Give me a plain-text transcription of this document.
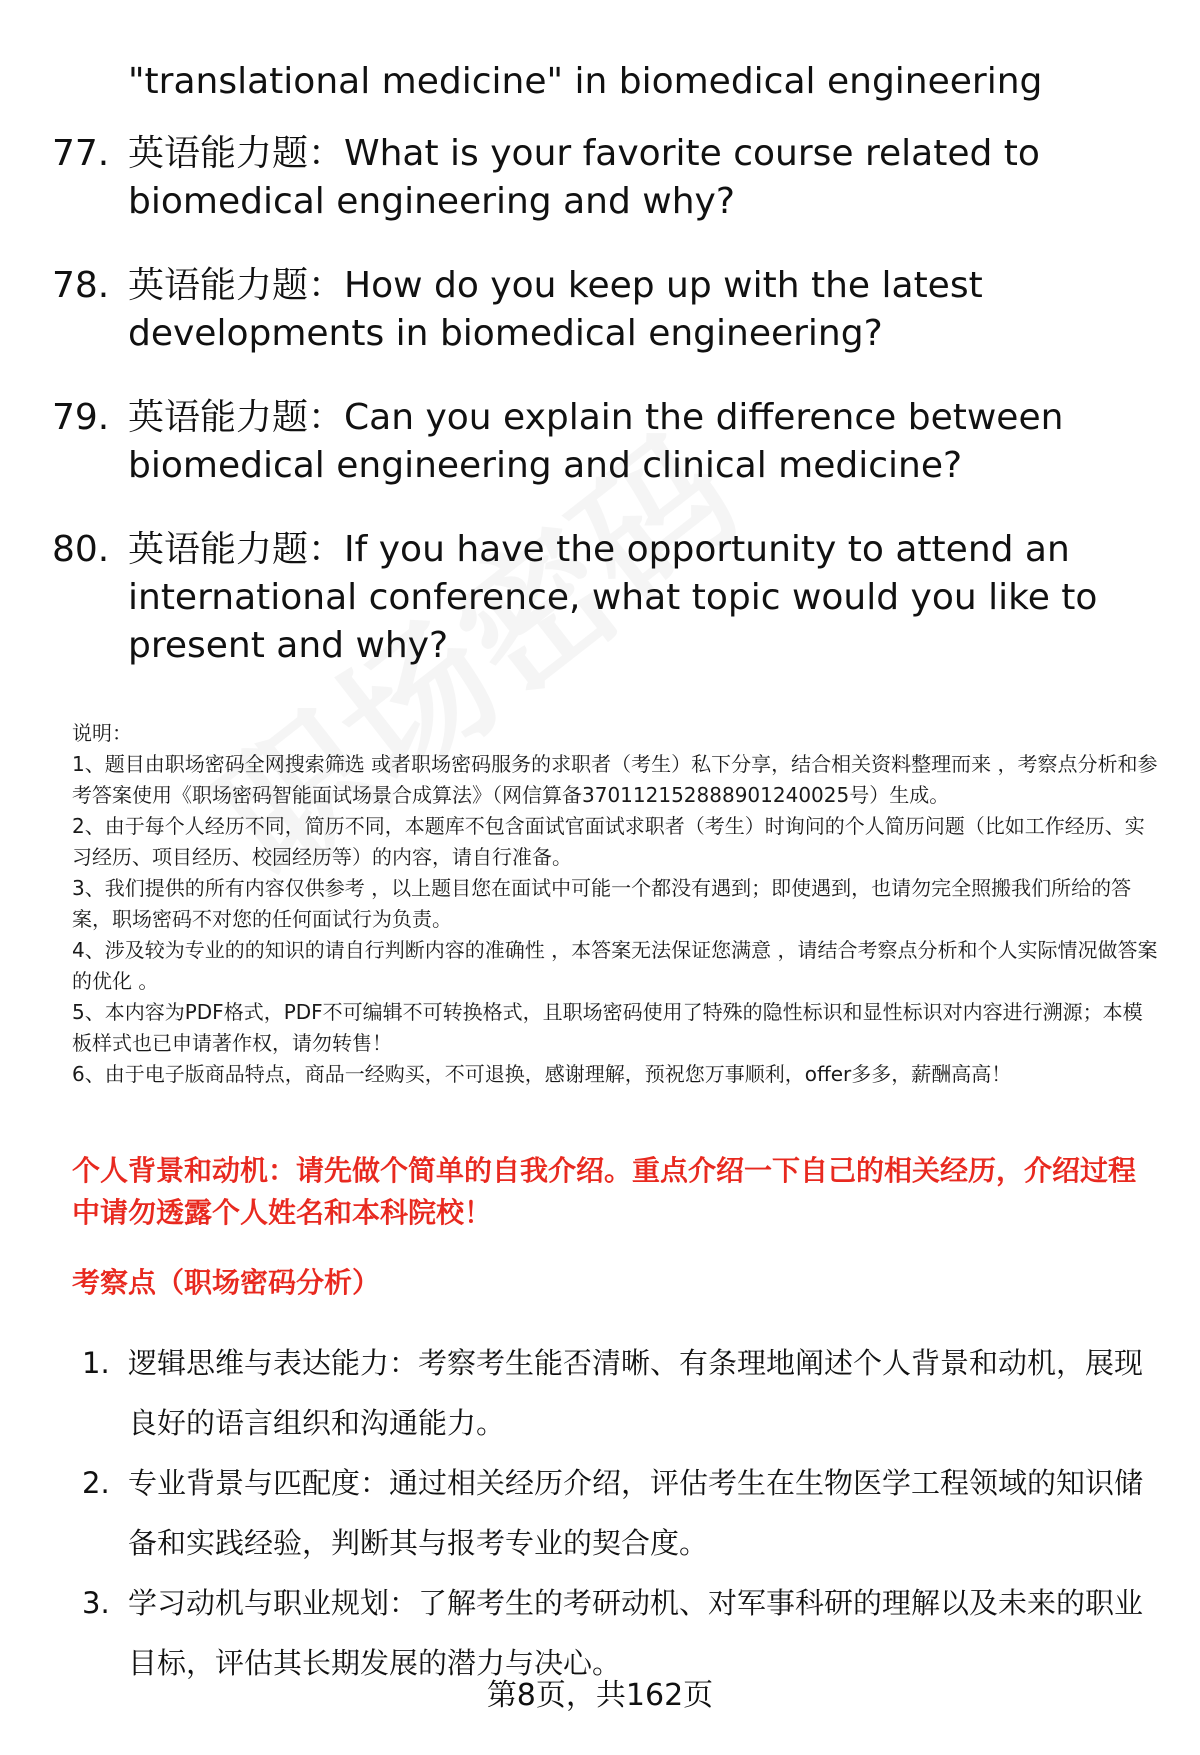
"translational medicine" in biomedical engineering
77. 英语能力题：What is your favorite course related to biomedical engineering and why?
78. 英语能力题：How do you keep up with the latest developments in biomedical engineering?
79. 英语能力题：Can you explain the difference between biomedical engineering and clinical medicine?
80. 英语能力题：If you have the opportunity to attend an international conference, what topic would you like to present and why?

说明：

1、题目由职场密码全网搜索筛选 或者职场密码服务的求职者（考生）私下分享，结合相关资料整理而来 ，考察点分析和参考答案使用《职场密码智能面试场景合成算法》（网信算备370112152888901240025号）生成。

2、由于每个人经历不同，简历不同，本题库不包含面试官面试求职者（考生）时询问的个人简历问题（比如工作经历、实习经历、项目经历、校园经历等）的内容，请自行准备。

3、我们提供的所有内容仅供参考 ，以上题目您在面试中可能一个都没有遇到；即使遇到，也请勿完全照搬我们所给的答案，职场密码不对您的任何面试行为负责。

4、涉及较为专业的的知识的请自行判断内容的准确性 ，本答案无法保证您满意 ，请结合考察点分析和个人实际情况做答案的优化 。

5、本内容为PDF格式，PDF不可编辑不可转换格式，且职场密码使用了特殊的隐性标识和显性标识对内容进行溯源；本模板样式也已申请著作权，请勿转售！

6、由于电子版商品特点，商品一经购买，不可退换，感谢理解，预祝您万事顺利，offer多多，薪酬高高！

个人背景和动机：请先做个简单的自我介绍。重点介绍一下自己的相关经历，介绍过程中请勿透露个人姓名和本科院校！
考察点（职场密码分析）
1. 逻辑思维与表达能力：考察考生能否清晰、有条理地阐述个人背景和动机，展现良好的语言组织和沟通能力。
2. 专业背景与匹配度：通过相关经历介绍，评估考生在生物医学工程领域的知识储备和实践经验，判断其与报考专业的契合度。
3. 学习动机与职业规划：了解考生的考研动机、对军事科研的理解以及未来的职业目标，评估其长期发展的潜力与决心。
第8页，共162页
